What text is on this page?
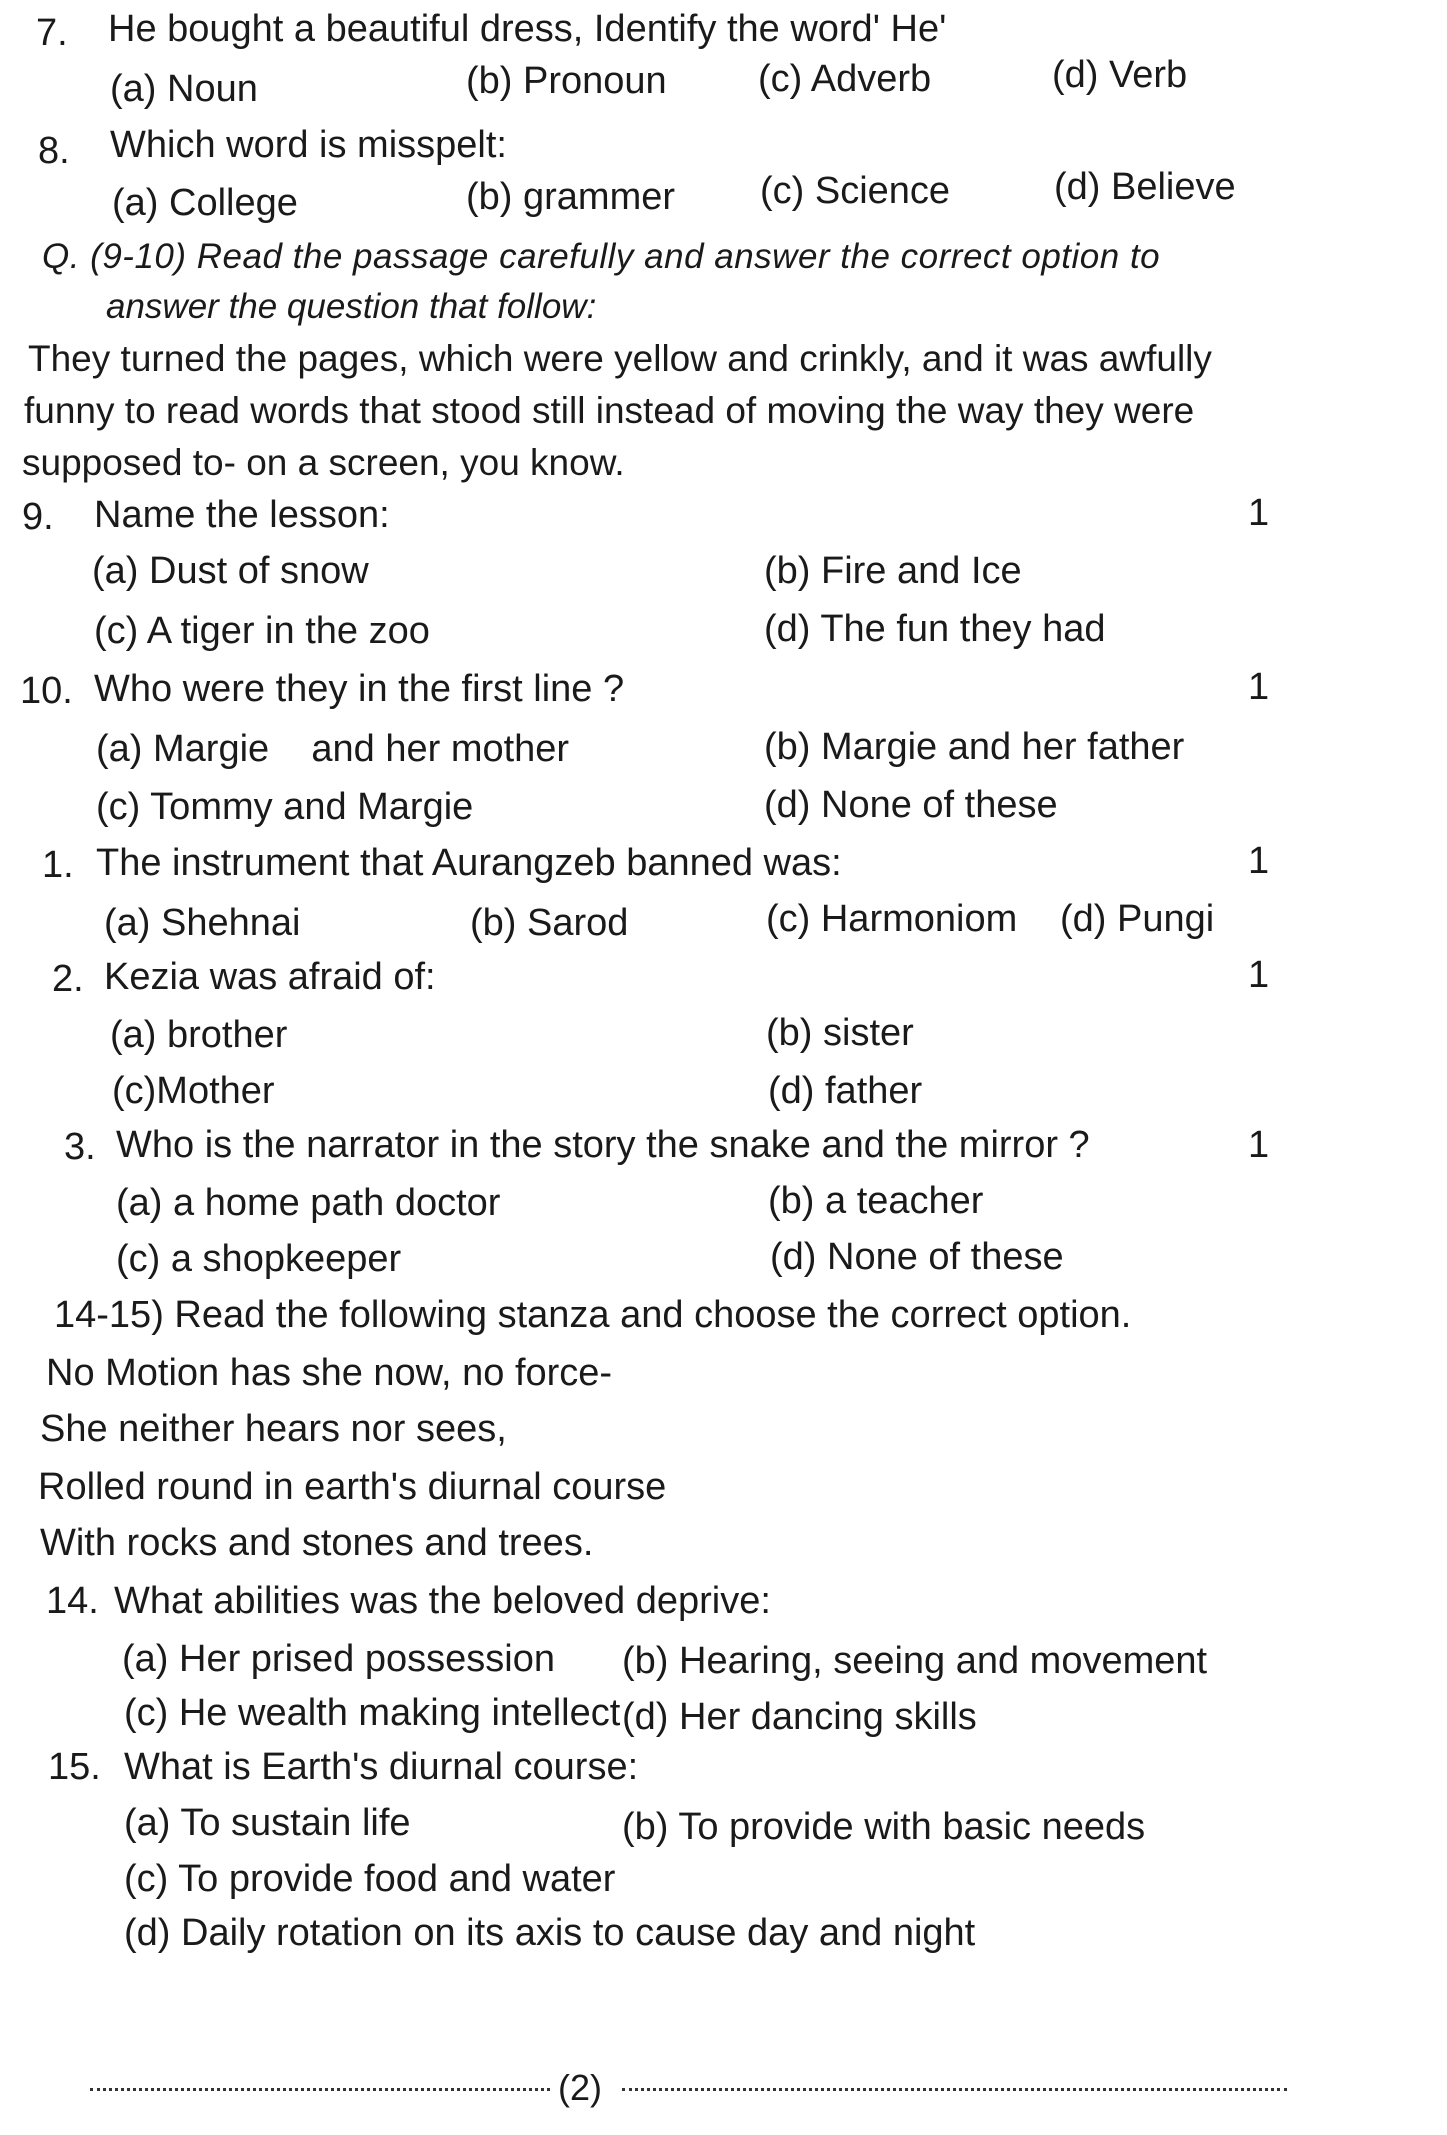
7. He bought a beautiful dress, Identify the word' He'
(a) Noun	(b) Pronoun (c) Adverb	(d) Verb
8. Which word is misspelt:
(a) College	(b) grammer (c) Science	(d) Believe
Q. (9-10) Read the passage carefully and answer the correct option to
answer the question that follow:
They turned the pages, which were yellow and crinkly, and it was awfully
funny to read words that stood still instead of moving the way they were
supposed to- on a screen, you know.
9. Name the lesson:	1
(a) Dust of snow	(b) Fire and Ice
(c) A tiger in the zoo	(d) The fun they had
10. Who were they in the first line ?	1
(a) Margie    and her mother	(b) Margie and her father
(c) Tommy and Margie	(d) None of these
1. The instrument that Aurangzeb banned was:	1
(a) Shehnai	(b) Sarod	(c) Harmoniom (d) Pungi
2. Kezia was afraid of:	1
(a) brother	(b) sister
(c)Mother	(d) father
3. Who is the narrator in the story the snake and the mirror ?	1
(a) a home path doctor	(b) a teacher
(c) a shopkeeper	(d) None of these
14-15) Read the following stanza and choose the correct option.
No Motion has she now, no force-
She neither hears nor sees,
Rolled round in earth's diurnal course
With rocks and stones and trees.
14. What abilities was the beloved deprive:
(a) Her prised possession (b) Hearing, seeing and movement
(c) He wealth making intellect (d) Her dancing skills
15. What is Earth's diurnal course:
(a) To sustain life	(b) To provide with basic needs
(c) To provide food and water
(d) Daily rotation on its axis to cause day and night
(2)
